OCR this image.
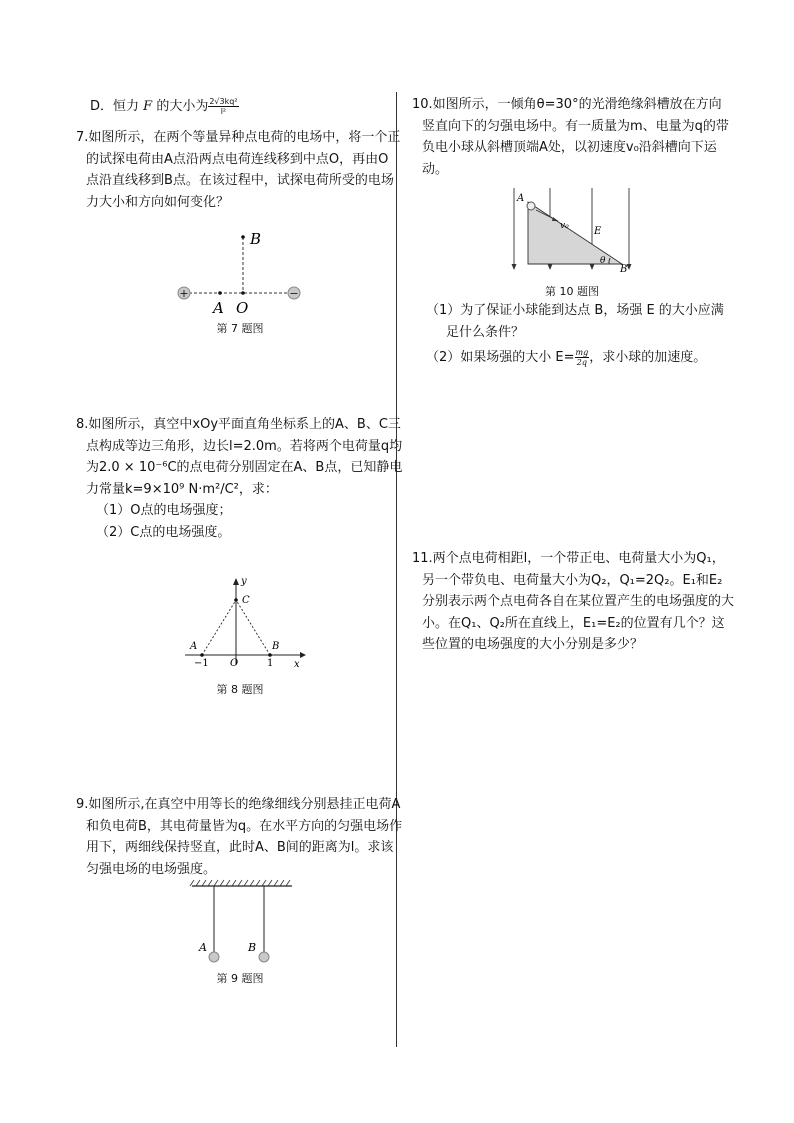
D．恒力 F 的大小为 $\frac{\text{2√3kq²}}{\text{l²}}$
7.如图所示，在两个等量异种点电荷的电场中，将一个正的试探电荷由A点沿两点电荷连线移到中点O，再由O 点沿直线移到B点。在该过程中，试探电荷所受的电场力大小和方向如何变化？
+	−
B
A O
第 7 题图
8.如图所示，真空中xOy平面直角坐标系上的A、B、C三点构成等边三角形，边长l=2.0m。若将两个电荷量q均为2.0 × 10⁻⁶C的点电荷分别固定在A、B点，已知静电力常量k=9×10⁹ N·m²/C²，求：
（1）O点的电场强度；
（2）C点的电场强度。
y
x
C
A	B
O
−1	1
第 8 题图
9.如图所示,在真空中用等长的绝缘细线分别悬挂正电荷A和负电荷B，其电荷量皆为q。在水平方向的匀强电场作用下，两细线保持竖直，此时A、B间的距离为l。求该匀强电场的电场强度。
A	B
第 9 题图
10.如图所示，一倾角θ=30°的光滑绝缘斜槽放在方向竖直向下的匀强电场中。有一质量为m、电量为q的带负电小球从斜槽顶端A处，以初速度v₀沿斜槽向下运动。
A
v₀	E
θ
B
第 10 题图
（1）为了保证小球能到达点 B，场强 E 的大小应满足什么条件？
（2）如果场强的大小 $E= \frac{mg}{2q}$ ，求小球的加速度。
11.两个点电荷相距l，一个带正电、电荷量大小为Q₁，另一个带负电、电荷量大小为Q₂，Q₁=2Q₂。E₁和E₂分别表示两个点电荷各自在某位置产生的电场强度的大小。在Q₁、Q₂所在直线上，E₁=E₂的位置有几个？这些位置的电场强度的大小分别是多少？
